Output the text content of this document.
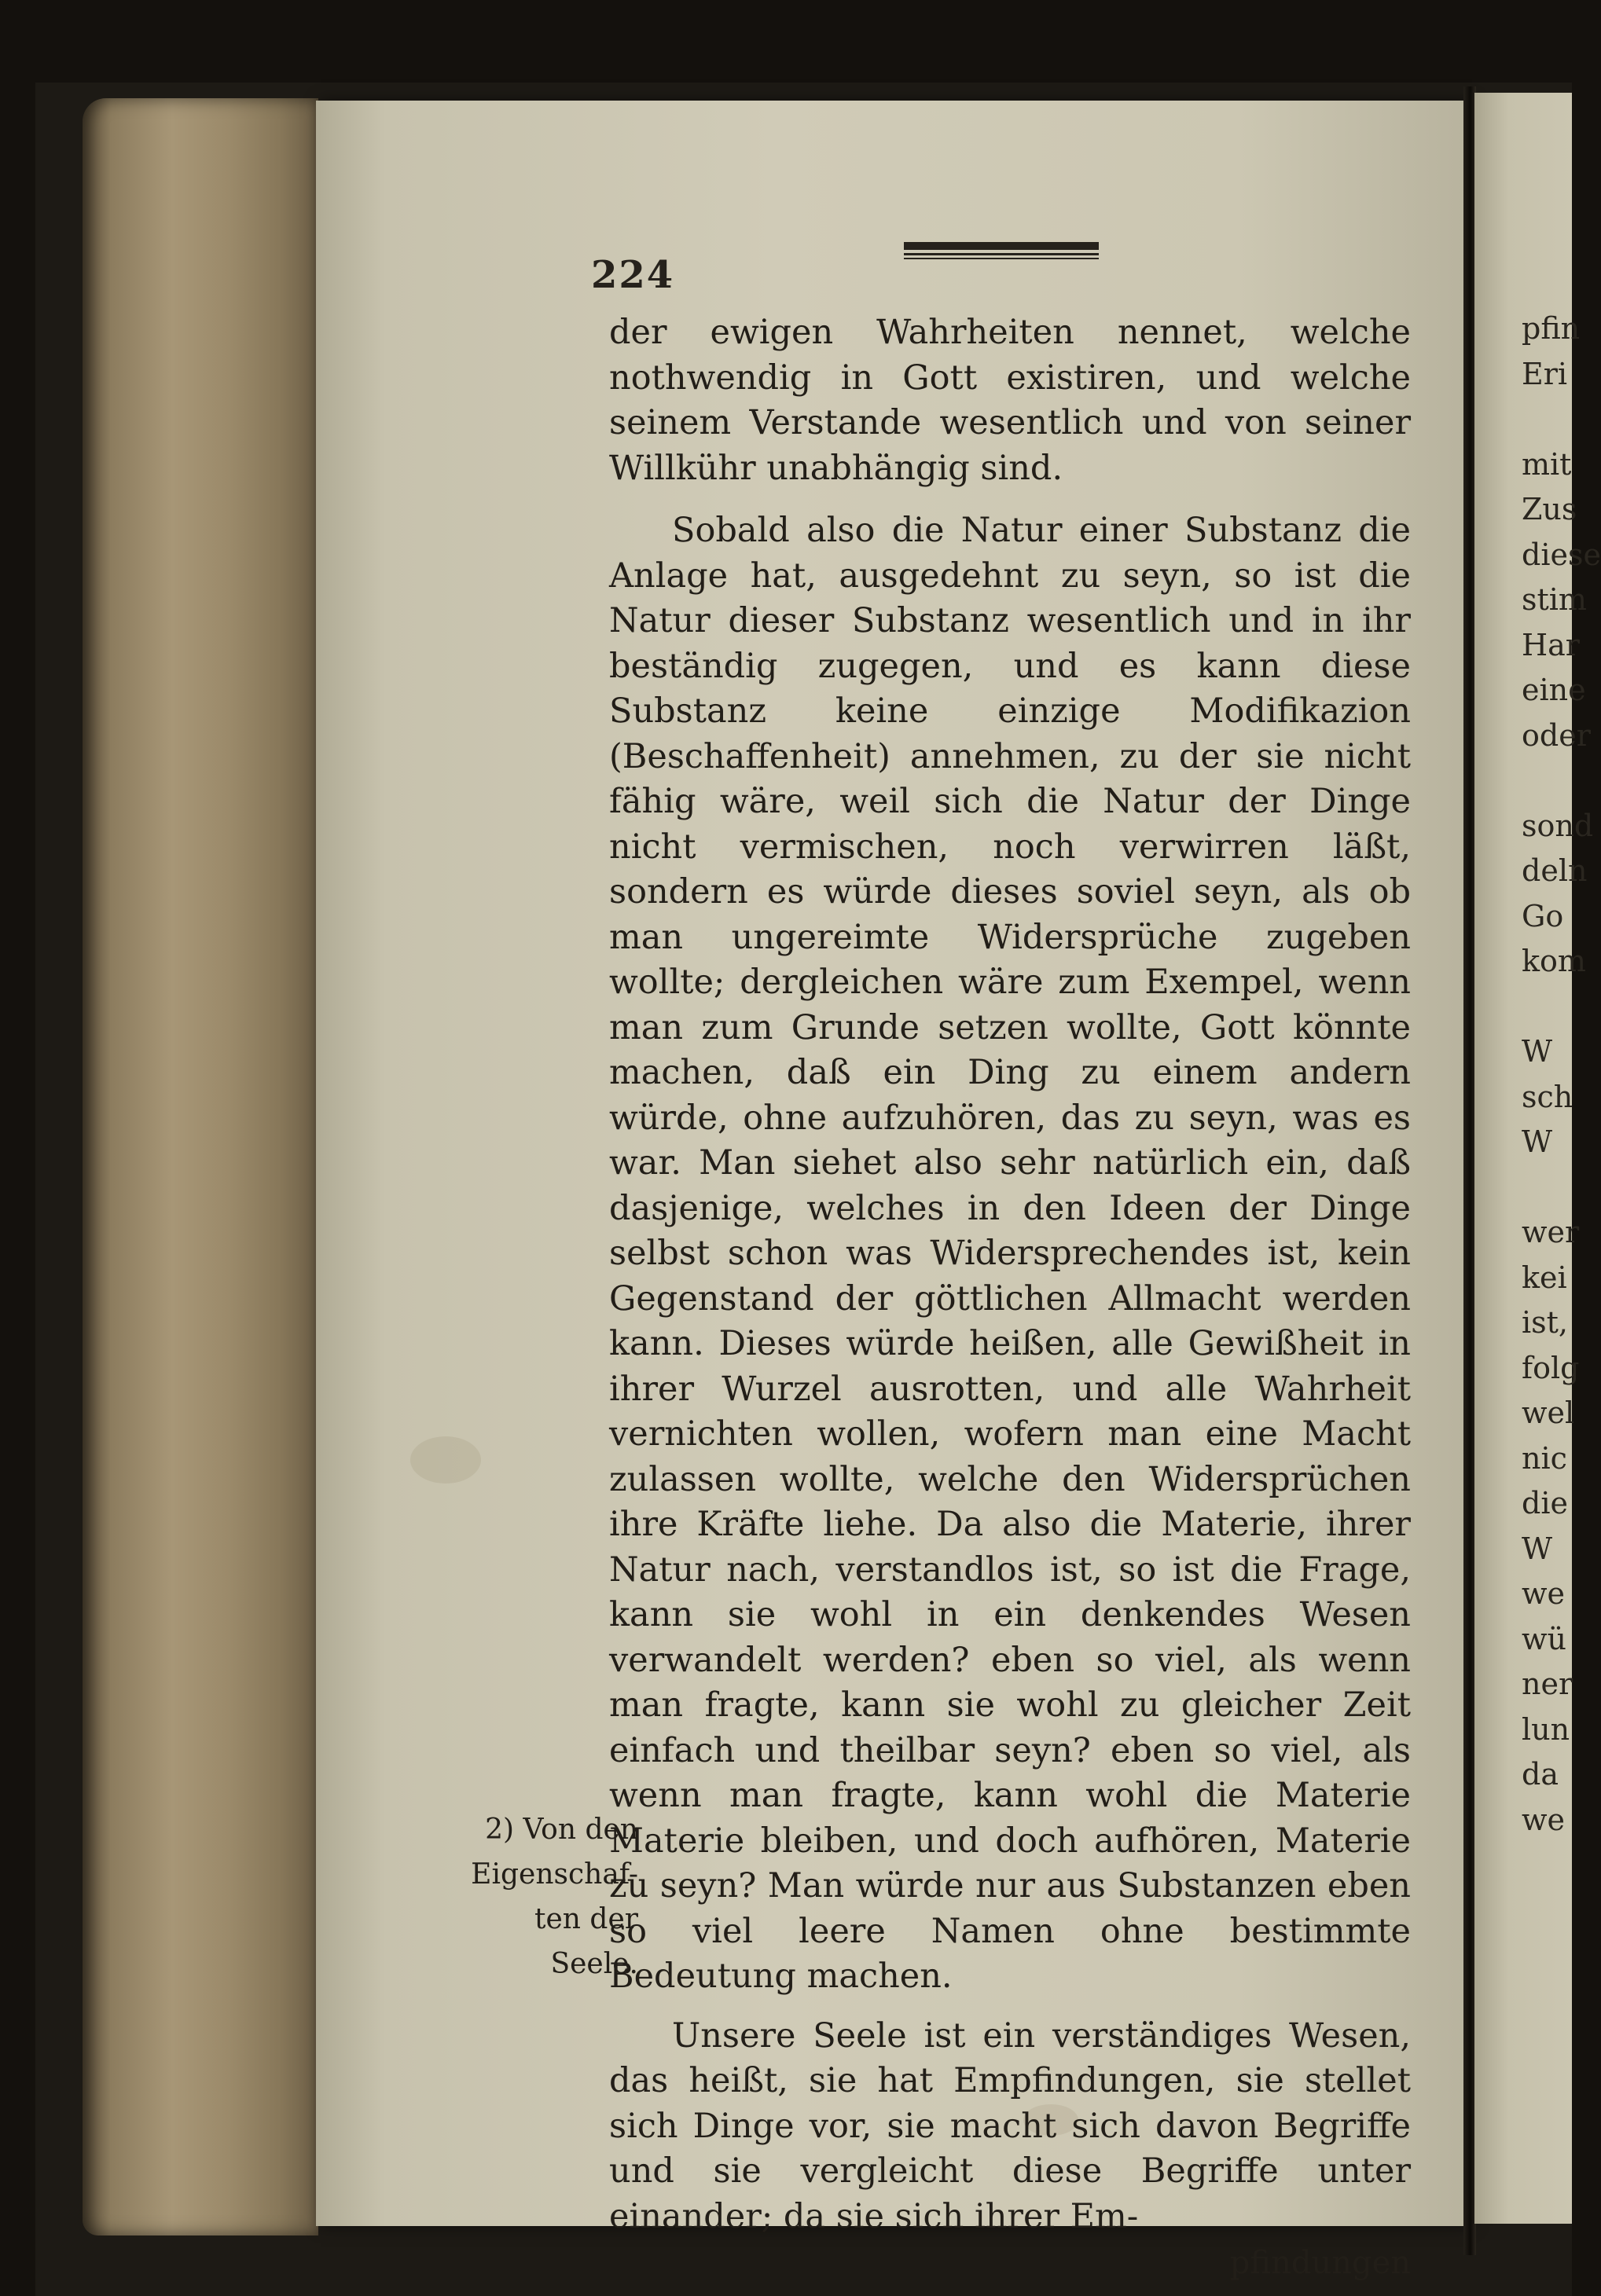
224

der ewigen Wahrheiten nennet, welche nothwendig in Gott existiren, und welche seinem Verstande wesentlich und von seiner Willkühr unabhängig sind.

Sobald also die Natur einer Substanz die Anlage hat, ausgedehnt zu seyn, so ist die Natur dieser Substanz wesentlich und in ihr beständig zugegen, und es kann diese Substanz keine einzige Modifikazion (Beschaffenheit) annehmen, zu der sie nicht fähig wäre, weil sich die Natur der Dinge nicht vermischen, noch verwirren läßt, sondern es würde dieses soviel seyn, als ob man ungereimte Widersprüche zugeben wollte; dergleichen wäre zum Exempel, wenn man zum Grunde setzen wollte, Gott könnte machen, daß ein Ding zu einem andern würde, ohne aufzuhören, das zu seyn, was es war. Man siehet also sehr natürlich ein, daß dasjenige, welches in den Ideen der Dinge selbst schon was Widersprechendes ist, kein Gegenstand der göttlichen Allmacht werden kann. Dieses würde heißen, alle Gewißheit in ihrer Wurzel ausrotten, und alle Wahrheit vernichten wollen, wofern man eine Macht zulassen wollte, welche den Widersprüchen ihre Kräfte liehe. Da also die Materie, ihrer Natur nach, verstandlos ist, so ist die Frage, kann sie wohl in ein denkendes Wesen verwandelt werden? eben so viel, als wenn man fragte, kann sie wohl zu gleicher Zeit einfach und theilbar seyn? eben so viel, als wenn man fragte, kann wohl die Materie Materie bleiben, und doch aufhören, Materie zu seyn? Man würde nur aus Substanzen eben so viel leere Namen ohne bestimmte Bedeutung machen.

Unsere Seele ist ein verständiges Wesen, das heißt, sie hat Empfindungen, sie stellet sich Dinge vor, sie macht sich davon Begriffe und sie vergleicht diese Begriffe unter einander; da sie sich ihrer Em-

pfindungen

2) Von den
Eigenschaf-
ten der Seele.
pfin
Eri
mit
Zus
diese
stim
Har
eine
oder
sond
deln
Go
kom
W
sch
W
wer
kei
ist,
folg
wel
nic
die
W
we
wü
ner
lun
da
we
